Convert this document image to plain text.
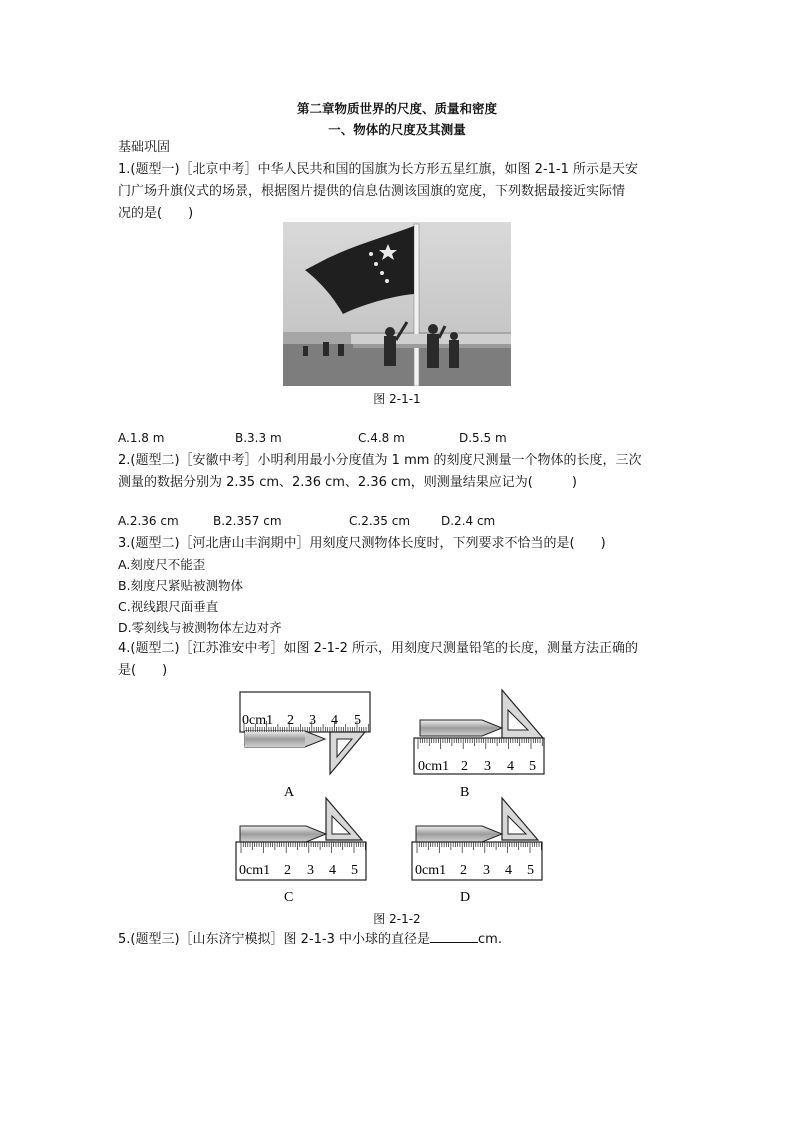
第二章物质世界的尺度、质量和密度
一、物体的尺度及其测量
基础巩固
1.(题型一)［北京中考］中华人民共和国的国旗为长方形五星红旗，如图 2-1-1 所示是天安
门广场升旗仪式的场景，根据图片提供的信息估测该国旗的宽度，下列数据最接近实际情
况的是(　　)
图 2-1-1
A.1.8 m	B.3.3 m	C.4.8 m	D.5.5 m
2.(题型二)［安徽中考］小明利用最小分度值为 1 mm 的刻度尺测量一个物体的长度，三次
测量的数据分别为 2.35 cm、2.36 cm、2.36 cm，则测量结果应记为(　　　)
A.2.36 cm	B.2.357 cm	C.2.35 cm	D.2.4 cm
3.(题型二)［河北唐山丰润期中］用刻度尺测物体长度时，下列要求不恰当的是(　　)
A.刻度尺不能歪
B.刻度尺紧贴被测物体
C.视线跟尺面垂直
D.零刻线与被测物体左边对齐
4.(题型二)［江苏淮安中考］如图 2-1-2 所示，用刻度尺测量铅笔的长度，测量方法正确的
是(　　)
0cm1 2 3 4 5
0cm1 2 3 4 5
0cm1 2 3 4 5	0cm1 2 3 4 5
A	B
C	D
图 2-1-2
5.(题型三)［山东济宁模拟］图 2-1-3 中小球的直径是	cm.
